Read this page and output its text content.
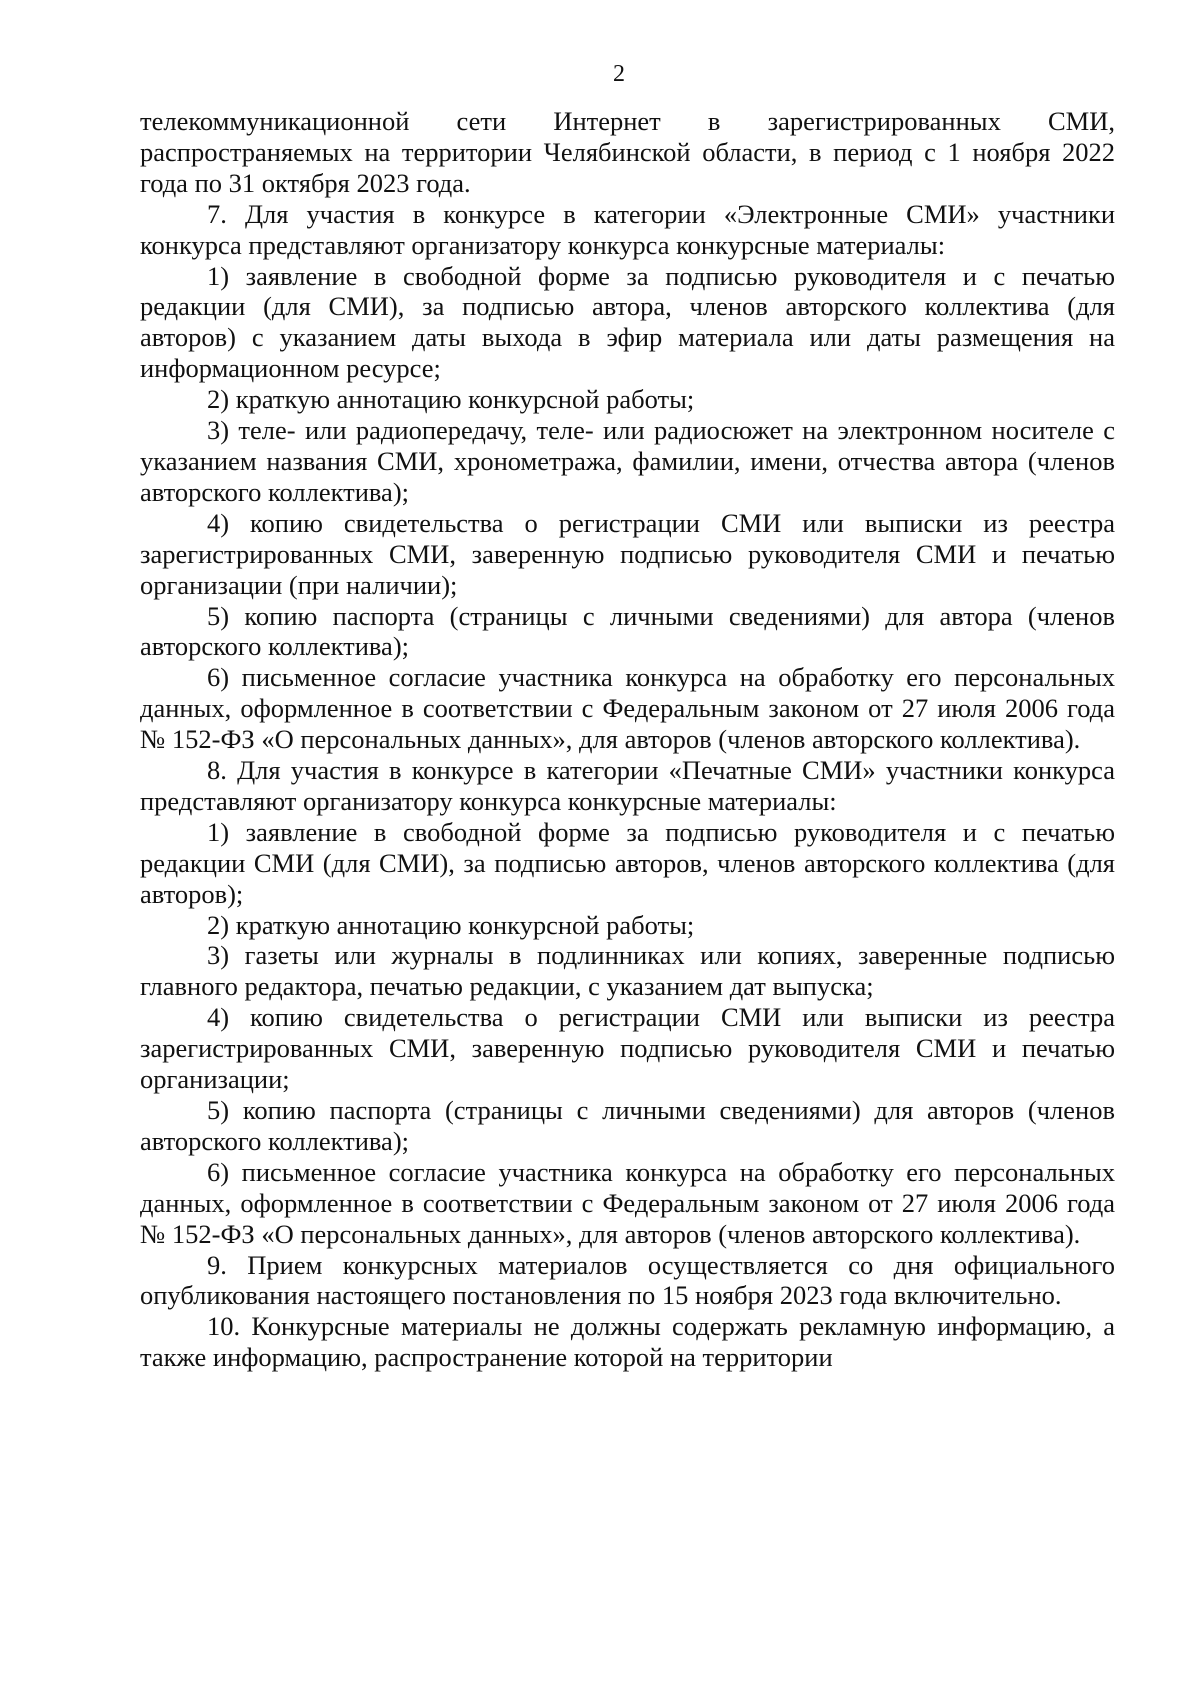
2

телекоммуникационной сети Интернет в зарегистрированных СМИ, распространяемых на территории Челябинской области, в период с 1 ноября 2022 года по 31 октября 2023 года.

7. Для участия в конкурсе в категории «Электронные СМИ» участники конкурса представляют организатору конкурса конкурсные материалы:

1) заявление в свободной форме за подписью руководителя и с печатью редакции (для СМИ), за подписью автора, членов авторского коллектива (для авторов) с указанием даты выхода в эфир материала или даты размещения на информационном ресурсе;

2) краткую аннотацию конкурсной работы;

3) теле- или радиопередачу, теле- или радиосюжет на электронном носителе с указанием названия СМИ, хронометража, фамилии, имени, отчества автора (членов авторского коллектива);

4) копию свидетельства о регистрации СМИ или выписки из реестра зарегистрированных СМИ, заверенную подписью руководителя СМИ и печатью организации (при наличии);

5) копию паспорта (страницы с личными сведениями) для автора (членов авторского коллектива);

6) письменное согласие участника конкурса на обработку его персональных данных, оформленное в соответствии с Федеральным законом от 27 июля 2006 года № 152-ФЗ «О персональных данных», для авторов (членов авторского коллектива).

8. Для участия в конкурсе в категории «Печатные СМИ» участники конкурса представляют организатору конкурса конкурсные материалы:

1) заявление в свободной форме за подписью руководителя и с печатью редакции СМИ (для СМИ), за подписью авторов, членов авторского коллектива (для авторов);

2) краткую аннотацию конкурсной работы;

3) газеты или журналы в подлинниках или копиях, заверенные подписью главного редактора, печатью редакции, с указанием дат выпуска;

4) копию свидетельства о регистрации СМИ или выписки из реестра зарегистрированных СМИ, заверенную подписью руководителя СМИ и печатью организации;

5) копию паспорта (страницы с личными сведениями) для авторов (членов авторского коллектива);

6) письменное согласие участника конкурса на обработку его персональных данных, оформленное в соответствии с Федеральным законом от 27 июля 2006 года № 152-ФЗ «О персональных данных», для авторов (членов авторского коллектива).

9. Прием конкурсных материалов осуществляется со дня официального опубликования настоящего постановления по 15 ноября 2023 года включительно.

10. Конкурсные материалы не должны содержать рекламную информацию, а также информацию, распространение которой на территории
